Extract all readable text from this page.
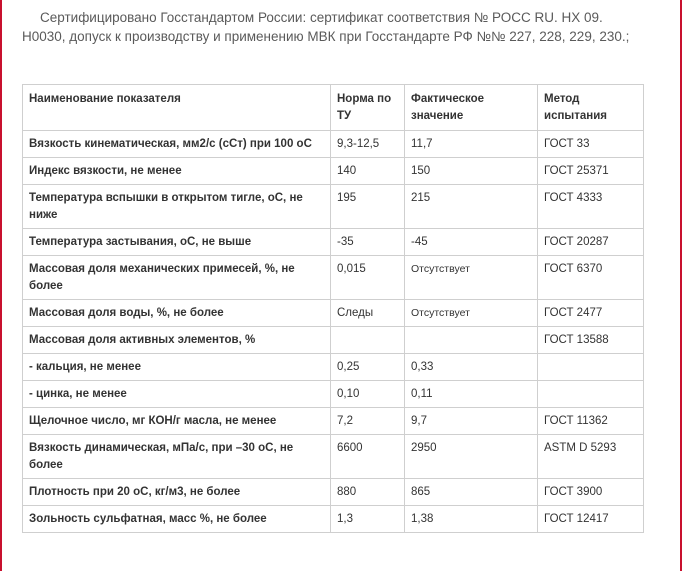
Сертифицировано Госстандартом России: сертификат соответствия № РОСС RU. НХ 09. Н0030, допуск к производству и применению МВК при Госстандарте РФ №№ 227, 228, 229, 230.;

Наименование показателя	Норма по ТУ	Фактическое значение	Метод испытания
Вязкость кинематическая, мм2/с (сСт) при 100 оС	9,3-12,5	11,7	ГОСТ 33
Индекс вязкости, не менее	140	150	ГОСТ 25371
Температура вспышки в открытом тигле, оС, не ниже	195	215	ГОСТ 4333
Температура застывания, оС, не выше	-35	-45	ГОСТ 20287
Массовая доля механических примесей, %, не более	0,015	Отсутствует	ГОСТ 6370
Массовая доля воды, %, не более	Следы	Отсутствует	ГОСТ 2477
Массовая доля активных элементов, %			ГОСТ 13588
- кальция, не менее	0,25	0,33	
- цинка, не менее	0,10	0,11	
Щелочное число, мг КОН/г масла, не менее	7,2	9,7	ГОСТ 11362
Вязкость динамическая, мПа/с, при –30 оС, не более	6600	2950	ASTM D 5293
Плотность при 20 оС, кг/м3, не более	880	865	ГОСТ 3900
Зольность сульфатная, масс %, не более	1,3	1,38	ГОСТ 12417
